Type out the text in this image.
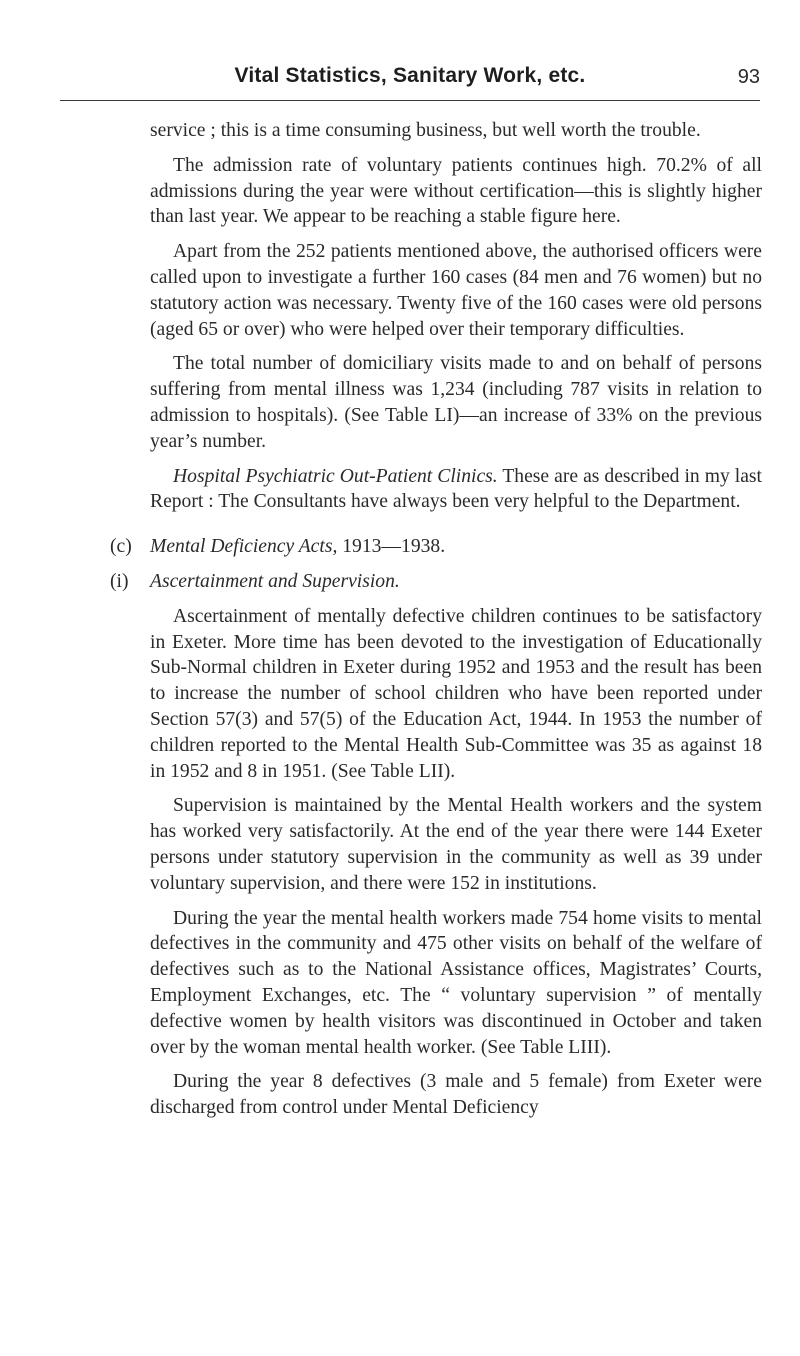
Vital Statistics, Sanitary Work, etc.	93

service ; this is a time consuming business, but well worth the trouble.

The admission rate of voluntary patients continues high. 70.2% of all admissions during the year were without certification—this is slightly higher than last year. We appear to be reaching a stable figure here.

Apart from the 252 patients mentioned above, the authorised officers were called upon to investigate a further 160 cases (84 men and 76 women) but no statutory action was necessary. Twenty five of the 160 cases were old persons (aged 65 or over) who were helped over their temporary difficulties.

The total number of domiciliary visits made to and on behalf of persons suffering from mental illness was 1,234 (including 787 visits in relation to admission to hospitals). (See Table LI)—an increase of 33% on the previous year’s number.

Hospital Psychiatric Out-Patient Clinics. These are as described in my last Report : The Consultants have always been very helpful to the Department.

(c) Mental Deficiency Acts, 1913—1938.
(i) Ascertainment and Supervision.

Ascertainment of mentally defective children continues to be satisfactory in Exeter. More time has been devoted to the investigation of Educationally Sub-Normal children in Exeter during 1952 and 1953 and the result has been to increase the number of school children who have been reported under Section 57(3) and 57(5) of the Education Act, 1944. In 1953 the number of children reported to the Mental Health Sub-Committee was 35 as against 18 in 1952 and 8 in 1951. (See Table LII).

Supervision is maintained by the Mental Health workers and the system has worked very satisfactorily. At the end of the year there were 144 Exeter persons under statutory supervision in the community as well as 39 under voluntary supervision, and there were 152 in institutions.

During the year the mental health workers made 754 home visits to mental defectives in the community and 475 other visits on behalf of the welfare of defectives such as to the National Assistance offices, Magistrates’ Courts, Employment Exchanges, etc. The “ voluntary supervision ” of mentally defective women by health visitors was discontinued in October and taken over by the woman mental health worker. (See Table LIII).

During the year 8 defectives (3 male and 5 female) from Exeter were discharged from control under Mental Deficiency
